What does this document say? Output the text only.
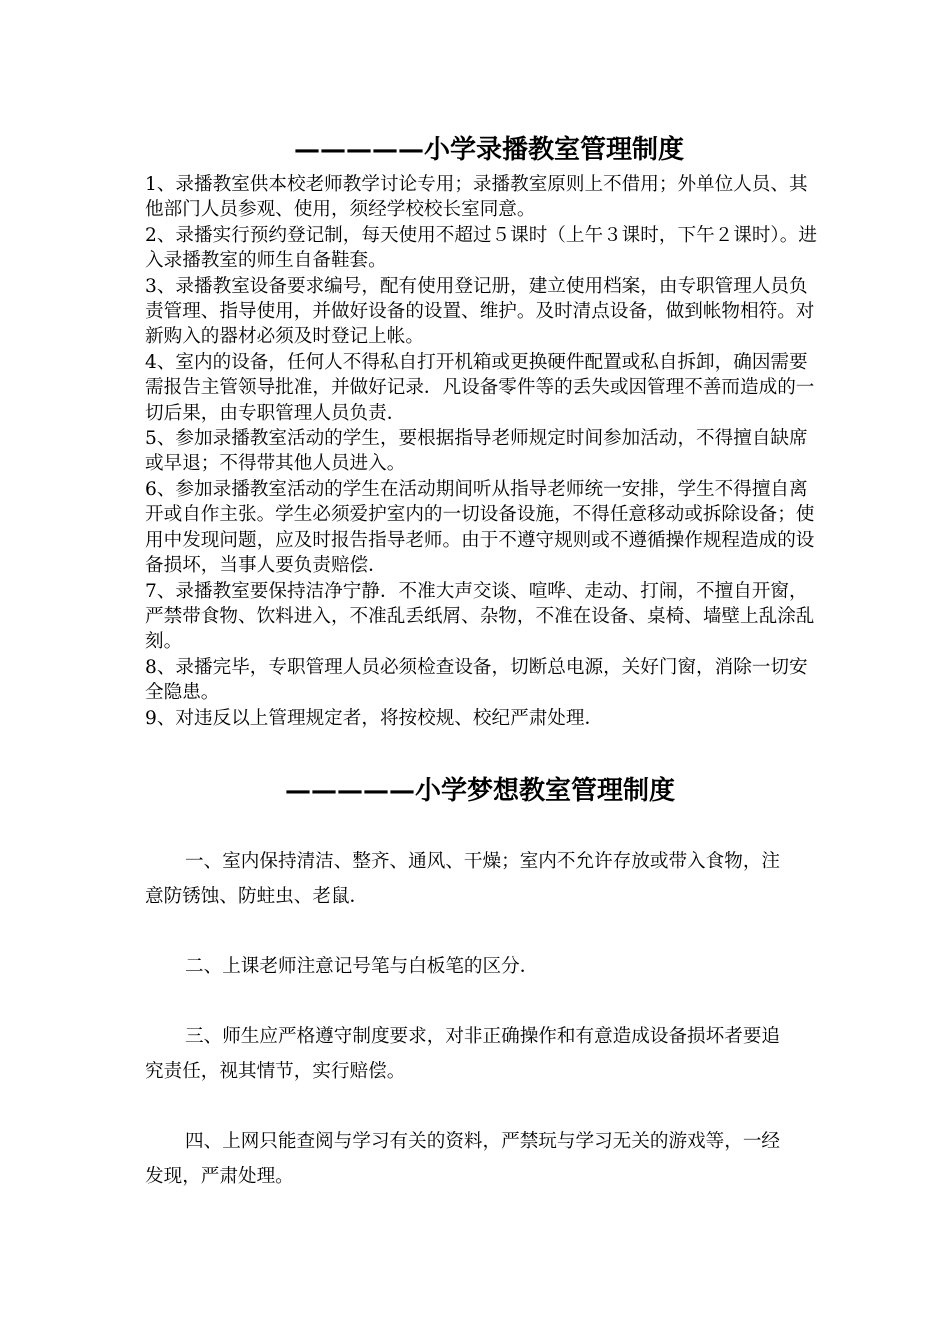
—————小学录播教室管理制度

1、录播教室供本校老师教学讨论专用；录播教室原则上不借用；外单位人员、其他部门人员参观、使用，须经学校校长室同意。

2、录播实行预约登记制，每天使用不超过５课时（上午３课时，下午２课时）。进入录播教室的师生自备鞋套。

3、录播教室设备要求编号，配有使用登记册，建立使用档案，由专职管理人员负责管理、指导使用，并做好设备的设置、维护。及时清点设备，做到帐物相符。对新购入的器材必须及时登记上帐。

4、室内的设备，任何人不得私自打开机箱或更换硬件配置或私自拆卸，确因需要需报告主管领导批准，并做好记录．凡设备零件等的丢失或因管理不善而造成的一切后果，由专职管理人员负责．

5、参加录播教室活动的学生，要根据指导老师规定时间参加活动，不得擅自缺席或早退；不得带其他人员进入。

6、参加录播教室活动的学生在活动期间听从指导老师统一安排，学生不得擅自离开或自作主张。学生必须爱护室内的一切设备设施，不得任意移动或拆除设备；使用中发现问题，应及时报告指导老师。由于不遵守规则或不遵循操作规程造成的设备损坏，当事人要负责赔偿．

7、录播教室要保持洁净宁静．不准大声交谈、喧哗、走动、打闹，不擅自开窗，严禁带食物、饮料进入，不准乱丢纸屑、杂物，不准在设备、桌椅、墙壁上乱涂乱刻。

8、录播完毕，专职管理人员必须检查设备，切断总电源，关好门窗，消除一切安全隐患。

9、对违反以上管理规定者，将按校规、校纪严肃处理．

—————小学梦想教室管理制度

一、室内保持清洁、整齐、通风、干燥；室内不允许存放或带入食物，注意防锈蚀、防蛀虫、老鼠．

二、上课老师注意记号笔与白板笔的区分．

三、师生应严格遵守制度要求，对非正确操作和有意造成设备损坏者要追究责任，视其情节，实行赔偿。

四、上网只能查阅与学习有关的资料，严禁玩与学习无关的游戏等，一经发现，严肃处理。
